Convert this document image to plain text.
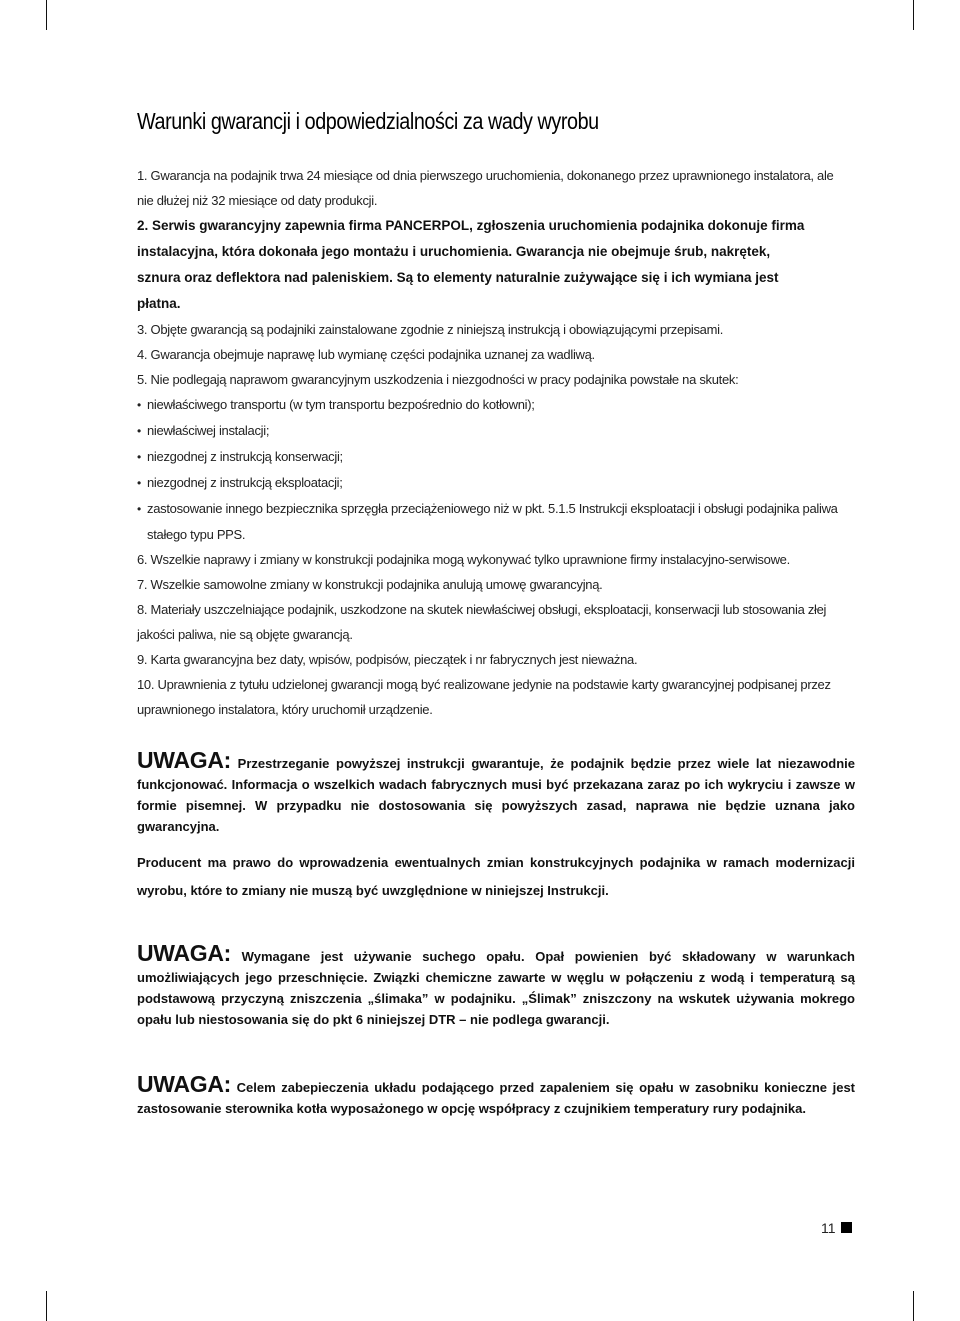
Warunki gwarancji i odpowiedzialności za wady wyrobu

1. Gwarancja na podajnik trwa 24 miesiące od dnia pierwszego uruchomienia, dokonanego przez uprawnionego instalatora, ale

nie dłużej niż 32 miesiące od daty produkcji.

2. Serwis gwarancyjny zapewnia firma PANCERPOL, zgłoszenia uruchomienia podajnika dokonuje firma

instalacyjna, która dokonała jego montażu i uruchomienia. Gwarancja nie obejmuje śrub, nakrętek,

sznura oraz deflektora nad paleniskiem. Są to elementy naturalnie zużywające się i ich wymiana jest

płatna.

3. Objęte gwarancją są podajniki zainstalowane zgodnie z niniejszą instrukcją i obowiązującymi przepisami.

4. Gwarancja obejmuje naprawę lub wymianę części podajnika uznanej za wadliwą.

5. Nie podlegają naprawom gwarancyjnym uszkodzenia i niezgodności w pracy podajnika powstałe na skutek:

• niewłaściwego transportu (w tym transportu bezpośrednio do kotłowni);

• niewłaściwej instalacji;

• niezgodnej z instrukcją konserwacji;

• niezgodnej z instrukcją eksploatacji;

• zastosowanie innego bezpiecznika sprzęgła przeciążeniowego niż w pkt. 5.1.5 Instrukcji eksploatacji i obsługi podajnika paliwa

stałego typu PPS.

6. Wszelkie naprawy i zmiany w konstrukcji podajnika mogą wykonywać tylko uprawnione firmy instalacyjno-serwisowe.

7. Wszelkie samowolne zmiany w konstrukcji podajnika anulują umowę gwarancyjną.

8. Materiały uszczelniające podajnik, uszkodzone na skutek niewłaściwej obsługi, eksploatacji, konserwacji lub stosowania złej

jakości paliwa, nie są objęte gwarancją.

9. Karta gwarancyjna bez daty, wpisów, podpisów, pieczątek i nr fabrycznych jest nieważna.

10. Uprawnienia z tytułu udzielonej gwarancji mogą być realizowane jedynie na podstawie karty gwarancyjnej podpisanej przez

uprawnionego instalatora, który uruchomił urządzenie.

UWAGA: Przestrzeganie powyższej instrukcji gwarantuje, że podajnik będzie przez wiele lat niezawodnie funkcjonować. Informacja o wszelkich wadach fabrycznych musi być przekazana zaraz po ich wykryciu i zawsze w formie pisemnej. W przypadku nie dostosowania się powyższych zasad, naprawa nie będzie uznana jako gwarancyjna.
Producent ma prawo do wprowadzenia ewentualnych zmian konstrukcyjnych podajnika w ramach modernizacji wyrobu, które to zmiany nie muszą być uwzględnione w niniejszej Instrukcji.
UWAGA: Wymagane jest używanie suchego opału. Opał powienien być składowany w warunkach umożliwiających jego przeschnięcie. Związki chemiczne zawarte w węglu w połączeniu z wodą i temperaturą są podstawową przyczyną zniszczenia „ślimaka” w podajniku. „Ślimak” zniszczony na wskutek używania mokrego opału lub niestosowania się do pkt 6 niniejszej DTR – nie podlega gwarancji.
UWAGA: Celem zabepieczenia układu podającego przed zapaleniem się opału w zasobniku konieczne jest zastosowanie sterownika kotła wyposażonego w opcję współpracy z czujnikiem temperatury rury podajnika.
11
